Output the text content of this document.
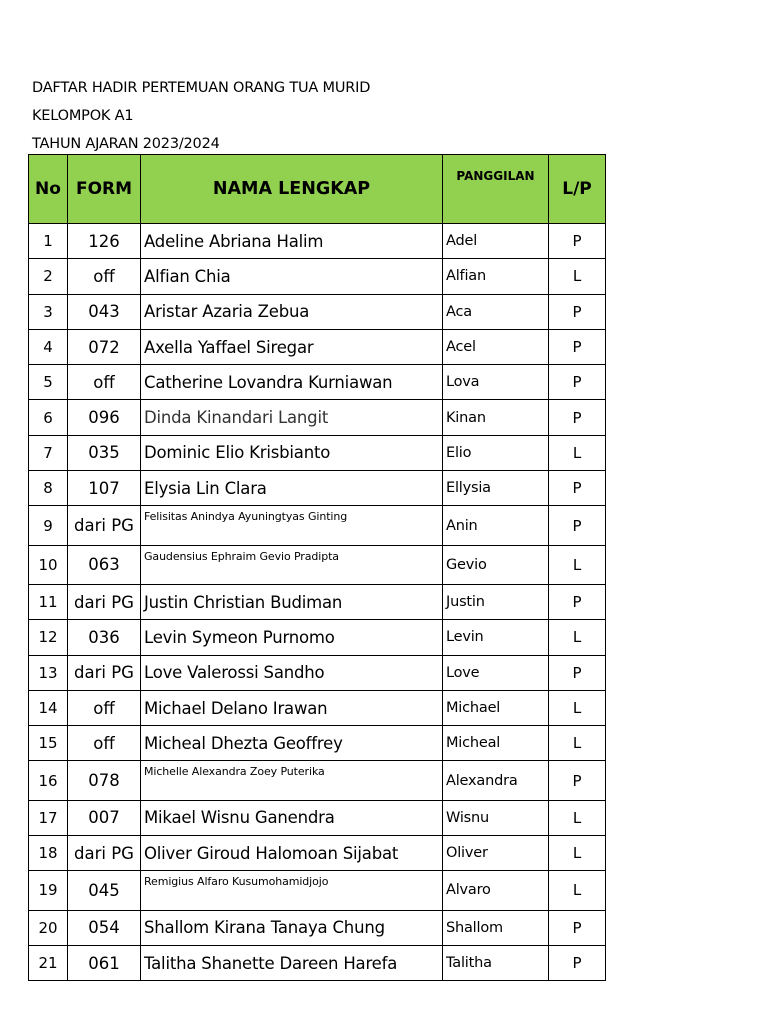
DAFTAR HADIR PERTEMUAN ORANG TUA MURID
KELOMPOK A1
TAHUN AJARAN 2023/2024
No	FORM	NAMA LENGKAP	PANGGILAN	L/P
1	126	Adeline Abriana Halim	Adel	P
2	off	Alfian Chia	Alfian	L
3	043	Aristar Azaria Zebua	Aca	P
4	072	Axella Yaffael Siregar	Acel	P
5	off	Catherine Lovandra Kurniawan	Lova	P
6	096	Dinda Kinandari Langit	Kinan	P
7	035	Dominic Elio Krisbianto	Elio	L
8	107	Elysia Lin Clara	Ellysia	P
9	dari PG	Felisitas Anindya Ayuningtyas Ginting	Anin	P
10	063	Gaudensius Ephraim Gevio Pradipta	Gevio	L
11	dari PG	Justin Christian Budiman	Justin	P
12	036	Levin Symeon Purnomo	Levin	L
13	dari PG	Love Valerossi Sandho	Love	P
14	off	Michael Delano Irawan	Michael	L
15	off	Micheal Dhezta Geoffrey	Micheal	L
16	078	Michelle Alexandra Zoey Puterika	Alexandra	P
17	007	Mikael Wisnu Ganendra	Wisnu	L
18	dari PG	Oliver Giroud Halomoan Sijabat	Oliver	L
19	045	Remigius Alfaro Kusumohamidjojo	Alvaro	L
20	054	Shallom Kirana Tanaya Chung	Shallom	P
21	061	Talitha Shanette Dareen Harefa	Talitha	P
